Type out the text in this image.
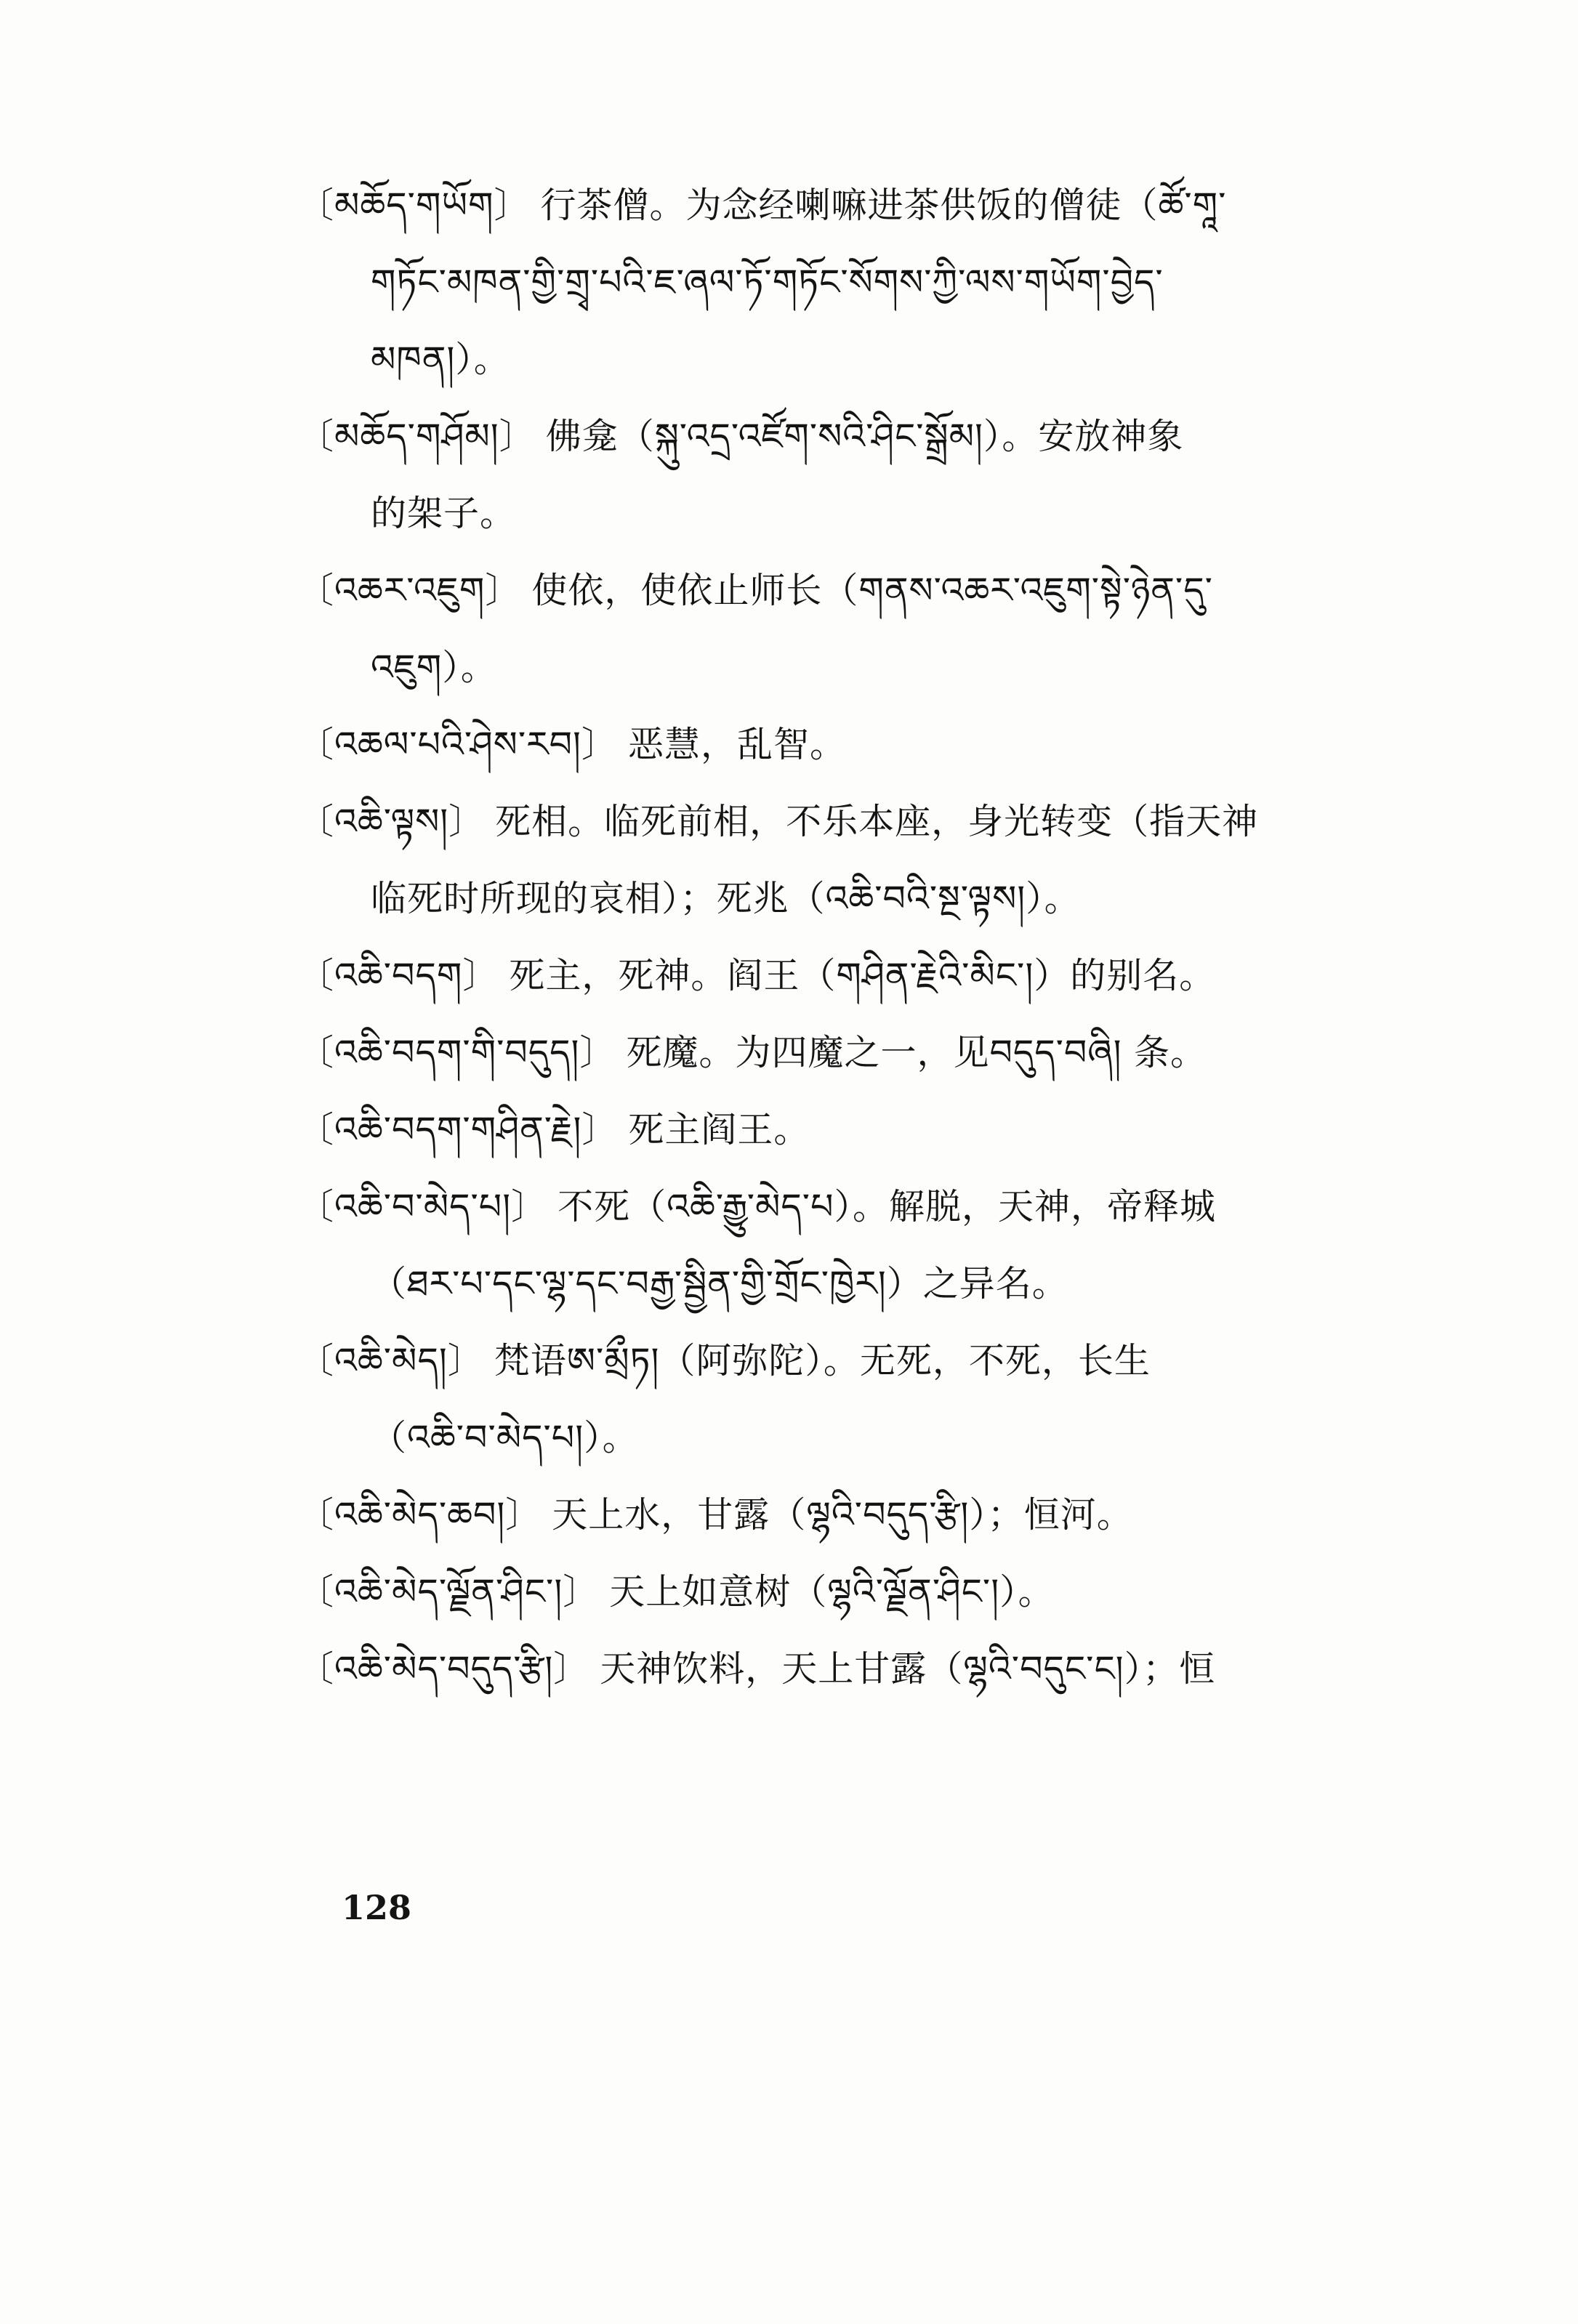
〔མཆོད་གཡོག〕 行茶僧。为念经喇嘛进茶供饭的僧徒（ཚོ་གཱ་
གཏོང་མཁན་གྱི་གྲྭ་པའི་ཇ་ཞལ་ཏོ་གཏོང་སོགས་ཀྱི་ལས་གཡོག་བྱེད་
མཁན།）。
〔མཆོད་གཤོམ།〕 佛龛（སྐུ་འདྲ་འཛོག་སའི་ཤིང་སྒྲོམ།）。安放神象
的架子。
〔འཆར་འཇུག〕 使依，使依止师长（གནས་འཆར་འཇུག་སྟེ་ཉེན་དུ་
འཇུག）。
〔འཆལ་པའི་ཤེས་རབ།〕 恶慧，乱智。
〔འཆི་ལྟས།〕 死相。临死前相，不乐本座，身光转变（指天神
临死时所现的哀相）；死兆（འཆི་བའི་སྔ་ལྟས།）。
〔འཆི་བདག〕 死主，死神。阎王（གཤིན་རྗེའི་མིང་།）的别名。
〔འཆི་བདག་གི་བདུད།〕 死魔。为四魔之一，见བདུད་བཞི། 条。
〔འཆི་བདག་གཤིན་རྗེ།〕 死主阎王。
〔འཆི་བ་མེད་པ།〕 不死（འཆི་རྒྱུ་མེད་པ）。解脱，天神，帝释城
（ཐར་པ་དང་ལྷ་དང་བརྒྱ་སྦྱིན་གྱི་གྲོང་ཁྱེར།）之异名。
〔འཆི་མེད།〕 梵语ཨ་མྲྀཏ།（阿弥陀）。无死，不死，长生
（འཆི་བ་མེད་པ།）。
〔འཆི་མེད་ཆབ།〕 天上水，甘露（ལྷའི་བདུད་རྩི།）；恒河。
〔འཆི་མེད་ལྗོན་ཤིང་།〕 天上如意树（ལྷའི་ལྗོན་ཤིང་།）。
〔འཆི་མེད་བདུད་རྩི།〕 天神饮料，天上甘露（ལྷའི་བདུང་ང།）；恒
128
